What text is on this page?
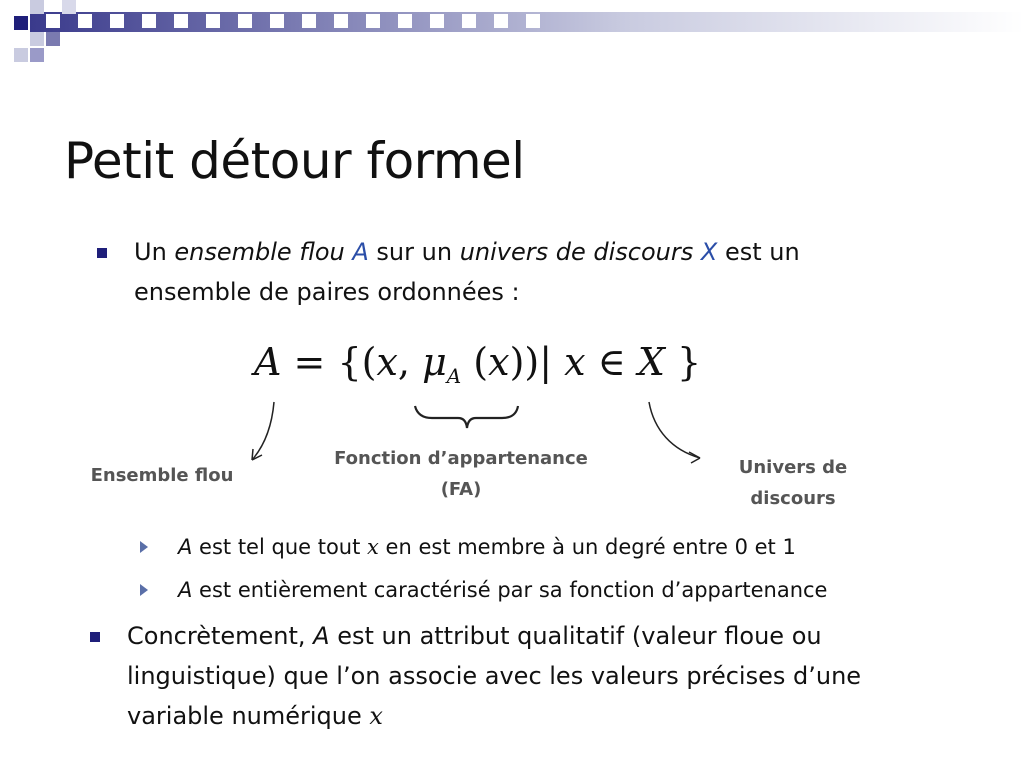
Petit détour formel
Un ensemble flou A sur un univers de discours X est un
ensemble de paires ordonnées :
A = {(x, $\mu_A$ (x))| x ∈ X }
Ensemble flou
Fonction d’appartenance
(FA)
Univers de
discours
A est tel que tout x en est membre à un degré entre 0 et 1
A est entièrement caractérisé par sa fonction d’appartenance
Concrètement, A est un attribut qualitatif (valeur floue ou
linguistique) que l’on associe avec les valeurs précises d’une
variable numérique x
